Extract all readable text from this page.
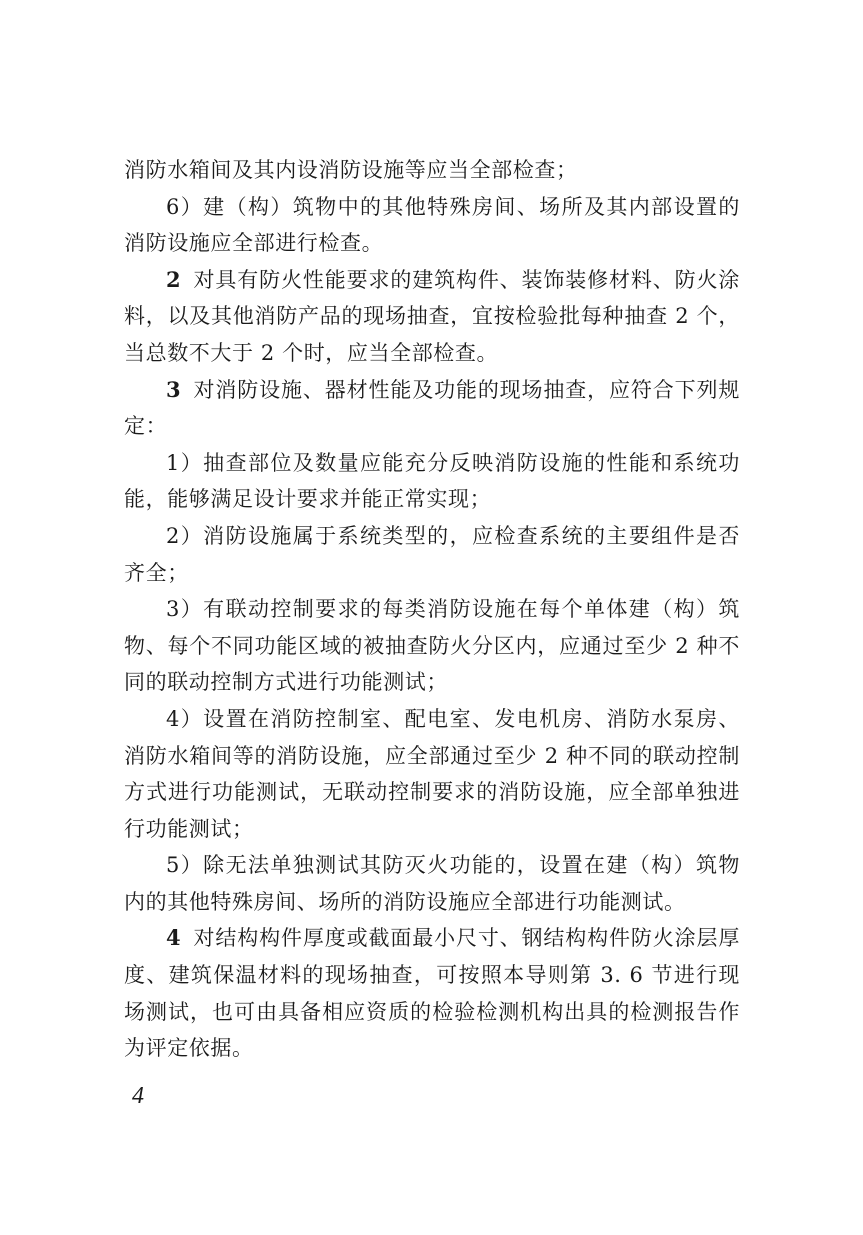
消防水箱间及其内设消防设施等应当全部检查；

6）建（构）筑物中的其他特殊房间、场所及其内部设置的消防设施应全部进行检查。

2 对具有防火性能要求的建筑构件、装饰装修材料、防火涂料，以及其他消防产品的现场抽查，宜按检验批每种抽查 2 个，当总数不大于 2 个时，应当全部检查。

3 对消防设施、器材性能及功能的现场抽查，应符合下列规定：

1）抽查部位及数量应能充分反映消防设施的性能和系统功能，能够满足设计要求并能正常实现；

2）消防设施属于系统类型的，应检查系统的主要组件是否齐全；

3）有联动控制要求的每类消防设施在每个单体建（构）筑物、每个不同功能区域的被抽查防火分区内，应通过至少 2 种不同的联动控制方式进行功能测试；

4）设置在消防控制室、配电室、发电机房、消防水泵房、消防水箱间等的消防设施，应全部通过至少 2 种不同的联动控制方式进行功能测试，无联动控制要求的消防设施，应全部单独进行功能测试；

5）除无法单独测试其防灭火功能的，设置在建（构）筑物内的其他特殊房间、场所的消防设施应全部进行功能测试。

4 对结构构件厚度或截面最小尺寸、钢结构构件防火涂层厚度、建筑保温材料的现场抽查，可按照本导则第 3. 6 节进行现场测试，也可由具备相应资质的检验检测机构出具的检测报告作为评定依据。

4
